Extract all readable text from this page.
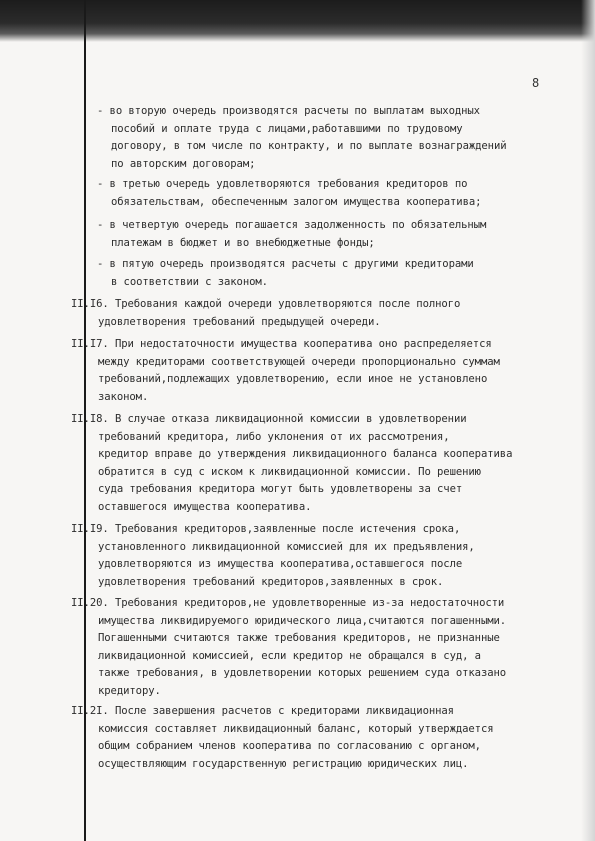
8
- во вторую очередь производятся расчеты по выплатам выходных
пособий и оплате труда с лицами,работавшими по трудовому
договору, в том числе по контракту, и по выплате вознаграждений
по авторским договорам;
- в третью очередь удовлетворяются требования кредиторов по
обязательствам, обеспеченным залогом имущества кооператива;
- в четвертую очередь погашается задолженность по обязательным
платежам в бюджет и во внебюджетные фонды;
- в пятую очередь производятся расчеты с другими кредиторами
в соответствии с законом.
II.I6. Требования каждой очереди удовлетворяются после полного
удовлетворения требований предыдущей очереди.
II.I7. При недостаточности имущества кооператива оно распределяется
между кредиторами соответствующей очереди пропорционально суммам
требований,подлежащих удовлетворению, если иное не установлено
законом.
II.I8. В случае отказа ликвидационной комиссии в удовлетворении
требований кредитора, либо уклонения от их рассмотрения,
кредитор вправе до утверждения ликвидационного баланса кооператива
обратится в суд с иском к ликвидационной комиссии. По решению
суда требования кредитора могут быть удовлетворены за счет
оставшегося имущества кооператива.
II.I9. Требования кредиторов,заявленные после истечения срока,
установленного ликвидационной комиссией для их предъявления,
удовлетворяются из имущества кооператива,оставшегося после
удовлетворения требований кредиторов,заявленных в срок.
II.20. Требования кредиторов,не удовлетворенные из-за недостаточности
имущества ликвидируемого юридического лица,считаются погашенными.
Погашенными считаются также требования кредиторов, не признанные
ликвидационной комиссией, если кредитор не обращался в суд, а
также требования, в удовлетворении которых решением суда отказано
кредитору.
II.2I. После завершения расчетов с кредиторами ликвидационная
комиссия составляет ликвидационный баланс, который утверждается
общим собранием членов кооператива по согласованию с органом,
осуществляющим государственную регистрацию юридических лиц.
